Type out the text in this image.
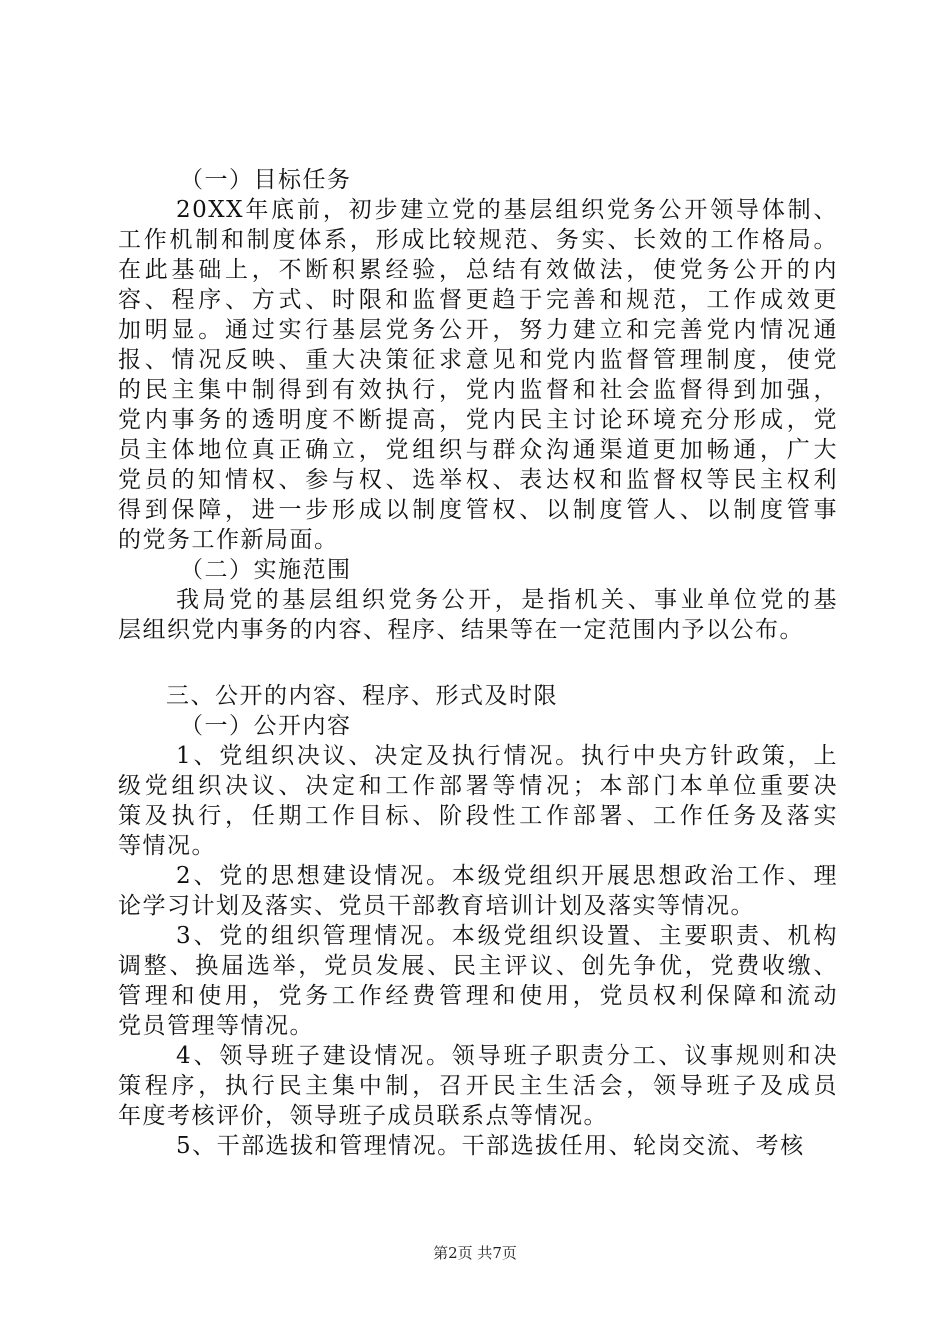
（一）目标任务
20XX年底前，初步建立党的基层组织党务公开领导体制、
工作机制和制度体系，形成比较规范、务实、长效的工作格局。
在此基础上，不断积累经验，总结有效做法，使党务公开的内
容、程序、方式、时限和监督更趋于完善和规范，工作成效更
加明显。通过实行基层党务公开，努力建立和完善党内情况通
报、情况反映、重大决策征求意见和党内监督管理制度，使党
的民主集中制得到有效执行，党内监督和社会监督得到加强，
党内事务的透明度不断提高，党内民主讨论环境充分形成，党
员主体地位真正确立，党组织与群众沟通渠道更加畅通，广大
党员的知情权、参与权、选举权、表达权和监督权等民主权利
得到保障，进一步形成以制度管权、以制度管人、以制度管事
的党务工作新局面。
（二）实施范围
我局党的基层组织党务公开，是指机关、事业单位党的基
层组织党内事务的内容、程序、结果等在一定范围内予以公布。
三、公开的内容、程序、形式及时限
（一）公开内容
1、党组织决议、决定及执行情况。执行中央方针政策，上
级党组织决议、决定和工作部署等情况；本部门本单位重要决
策及执行，任期工作目标、阶段性工作部署、工作任务及落实
等情况。
2、党的思想建设情况。本级党组织开展思想政治工作、理
论学习计划及落实、党员干部教育培训计划及落实等情况。
3、党的组织管理情况。本级党组织设置、主要职责、机构
调整、换届选举，党员发展、民主评议、创先争优，党费收缴、
管理和使用，党务工作经费管理和使用，党员权利保障和流动
党员管理等情况。
4、领导班子建设情况。领导班子职责分工、议事规则和决
策程序，执行民主集中制，召开民主生活会，领导班子及成员
年度考核评价，领导班子成员联系点等情况。
5、干部选拔和管理情况。干部选拔任用、轮岗交流、考核
第2页 共7页
